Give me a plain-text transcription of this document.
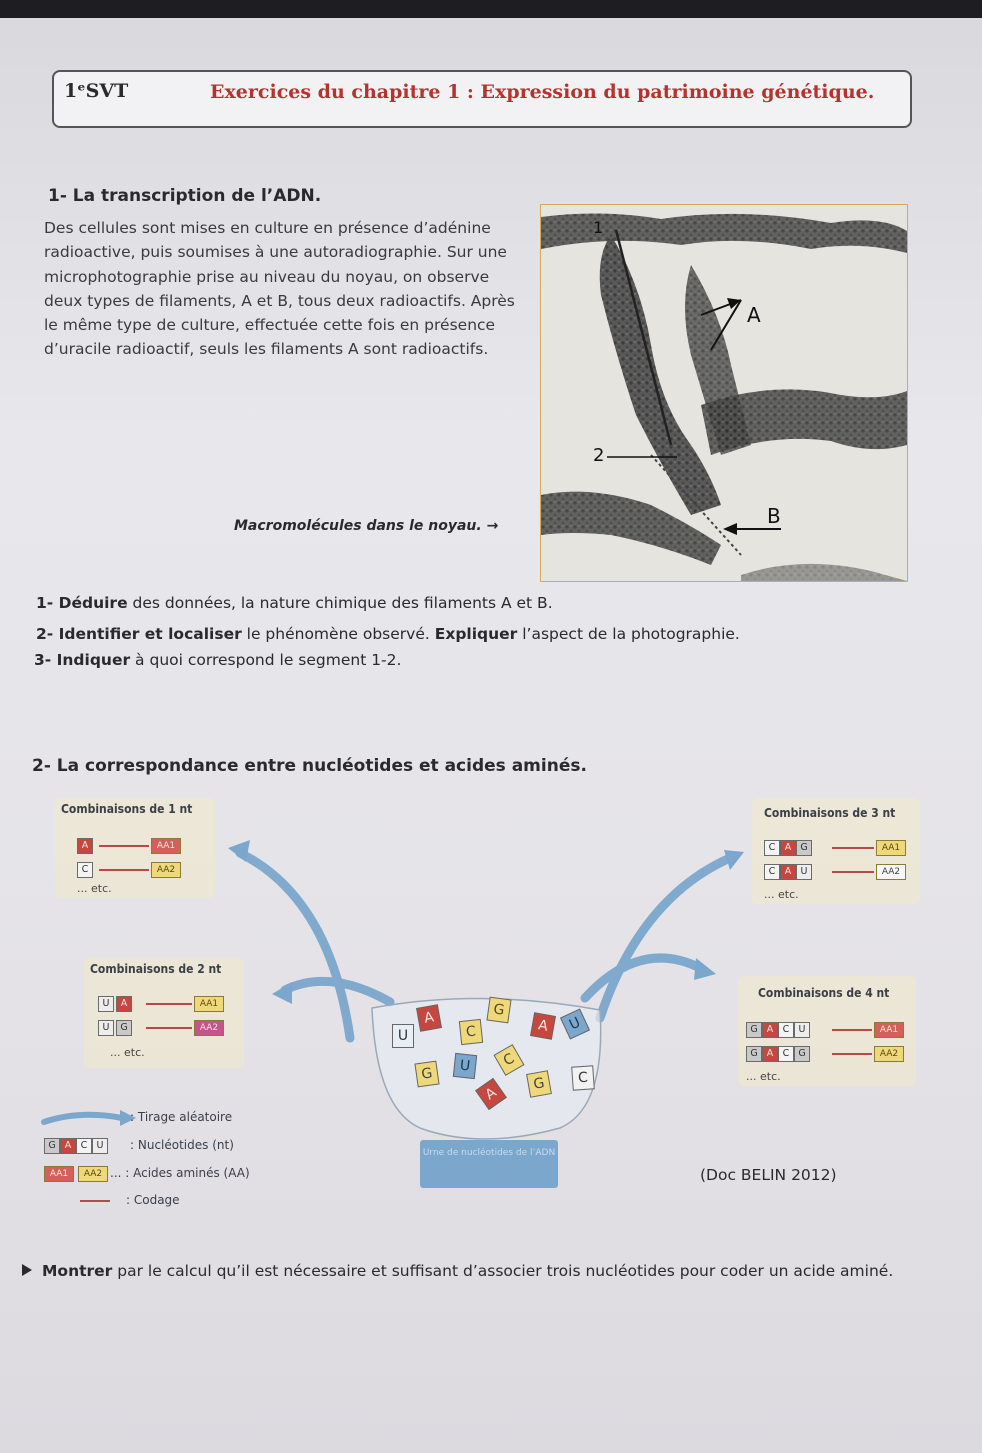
1ᵉSVT	Exercices du chapitre 1 : Expression du patrimoine génétique.
1- La transcription de l’ADN.

Des cellules sont mises en culture en présence d’adénine radioactive, puis soumises à une autoradiographie. Sur une microphotographie prise au niveau du noyau, on observe deux types de filaments, A et B, tous deux radioactifs. Après le même type de culture, effectuée cette fois en présence d’uracile radioactif, seuls les filaments A sont radioactifs.

Macromolécules dans le noyau. →
1
A
2
B
1- Déduire des données, la nature chimique des filaments A et B.
2- Identifier et localiser le phénomène observé. Expliquer l’aspect de la photographie.
3- Indiquer à quoi correspond le segment 1-2.
2- La correspondance entre nucléotides et acides aminés.
A	G
C	A	U
U
G	U	C
C
G
A
Combinaisons de 1 nt
A	AA1
C	AA2
... etc.
Combinaisons de 2 nt
U	A	AA1
U	G	AA2
... etc.
Combinaisons de 3 nt
C A G	AA1
C A U	AA2
... etc.
Combinaisons de 4 nt
G A C U	AA1
G A C G	AA2
... etc.
: Tirage aléatoire
G A C U	: Nucléotides (nt)
AA1	AA2 ... : Acides aminés (AA)
: Codage
Urne de nucléotides de l’ADN
(Doc BELIN 2012)

Montrer par le calcul qu’il est nécessaire et suffisant d’associer trois nucléotides pour coder un acide aminé.
